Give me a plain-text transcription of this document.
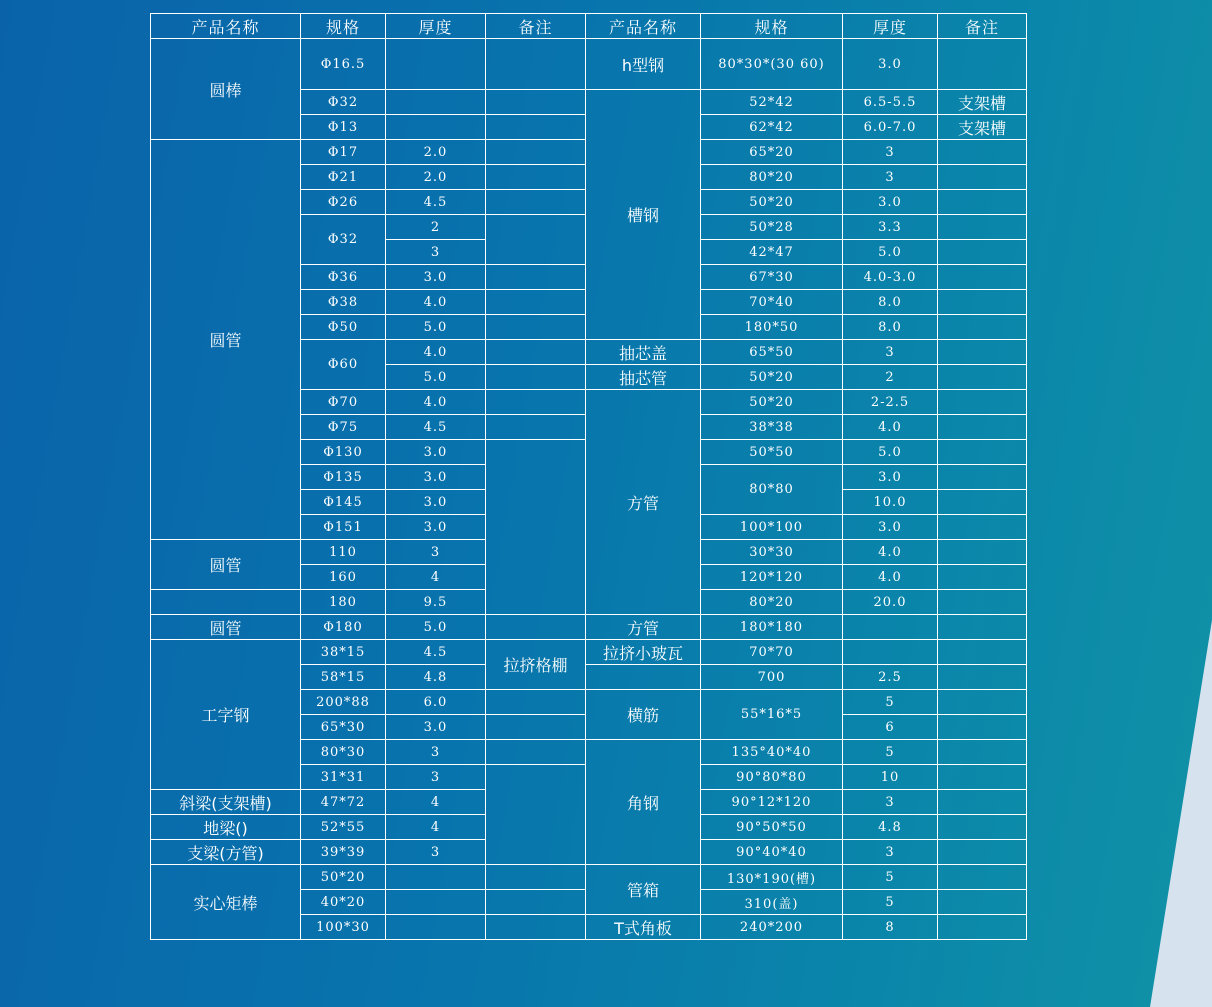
产品名称	规格	厚度	备注	产品名称	规格	厚度	备注
圆棒	Φ16.5			h型钢	80*30*(30 60)	3.0	
	Φ32			槽钢	52*42	6.5-5.5	支架槽
	Φ13				62*42	6.0-7.0	支架槽
圆管	Φ17	2.0			65*20	3	
	Φ21	2.0			80*20	3	
	Φ26	4.5			50*20	3.0	
	Φ32	2			50*28	3.3	
		3			42*47	5.0	
	Φ36	3.0			67*30	4.0-3.0	
	Φ38	4.0			70*40	8.0	
	Φ50	5.0			180*50	8.0	
	Φ60	4.0		抽芯盖	65*50	3	
		5.0		抽芯管	50*20	2	
	Φ70	4.0		方管	50*20	2-2.5	
	Φ75	4.5			38*38	4.0	
	Φ130	3.0			50*50	5.0	
	Φ135	3.0			80*80	3.0	
	Φ145	3.0				10.0	
	Φ151	3.0			100*100	3.0	
圆管	110	3			30*30	4.0	
	160	4			120*120	4.0	
	180	9.5			80*20	20.0	
圆管	Φ180	5.0		方管	180*180		
工字钢	38*15	4.5	拉挤格棚	拉挤小玻瓦	70*70		
	58*15	4.8			700	2.5	
	200*88	6.0		横筋	55*16*5	5	
	65*30	3.0				6	
	80*30	3		角钢	135°40*40	5	
	31*31	3			90°80*80	10	
斜梁(支架槽)	47*72	4			90°12*120	3	
地梁()	52*55	4			90°50*50	4.8	
支梁(方管)	39*39	3			90°40*40	3	
实心矩棒	50*20			管箱	130*190(槽)	5	
	40*20				310(盖)	5	
	100*30			T式角板	240*200	8	
